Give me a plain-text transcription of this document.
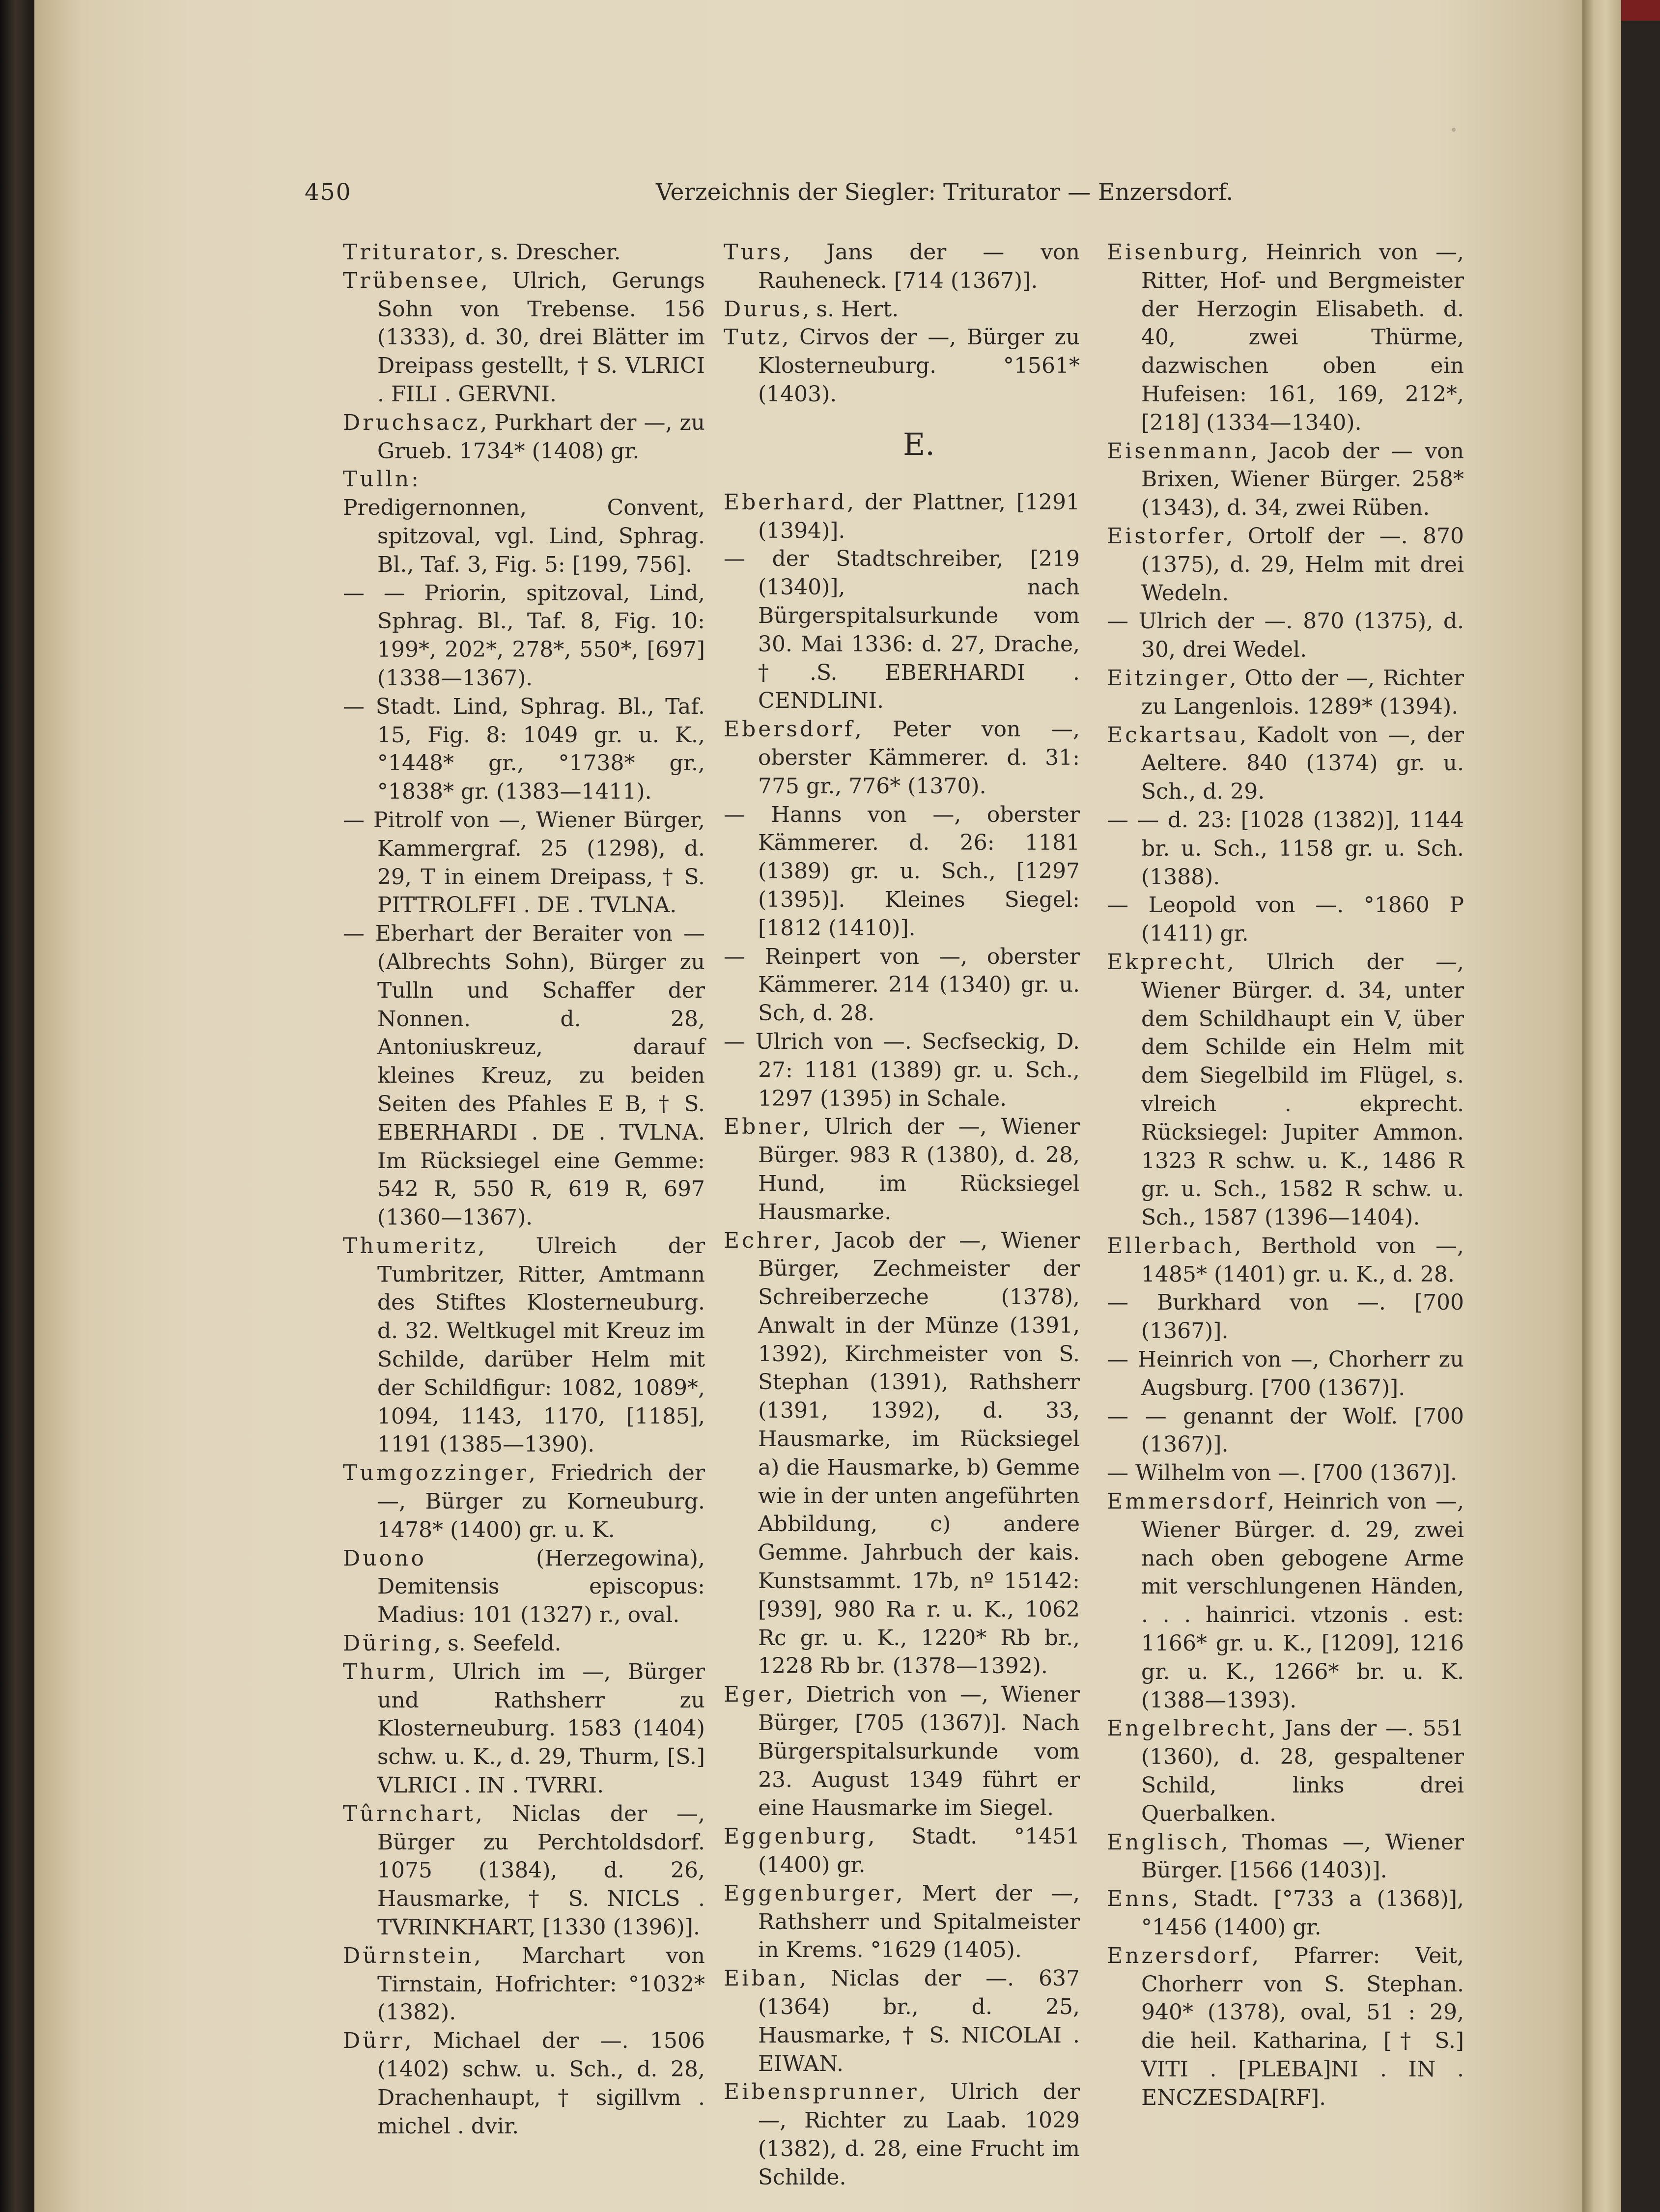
450	Verzeichnis der Siegler: Triturator — Enzersdorf.

Triturator, s. Drescher.

Trübensee, Ulrich, Gerungs Sohn von Trebense. 156 (1333), d. 30, drei Blätter im Dreipass gestellt, † S. VLRICI . FILI . GERVNI.

Druchsacz, Purkhart der —, zu Grueb. 1734* (1408) gr.

Tulln:

Predigernonnen, Convent, spitzoval, vgl. Lind, Sphrag. Bl., Taf. 3, Fig. 5: [199, 756].

— — Priorin, spitzoval, Lind, Sphrag. Bl., Taf. 8, Fig. 10: 199*, 202*, 278*, 550*, [697] (1338—1367).

— Stadt. Lind, Sphrag. Bl., Taf. 15, Fig. 8: 1049 gr. u. K., °1448* gr., °1738* gr., °1838* gr. (1383—1411).

— Pitrolf von —, Wiener Bürger, Kammergraf. 25 (1298), d. 29, T in einem Dreipass, † S. PITTROLFFI . DE . TVLNA.

— Eberhart der Beraiter von — (Albrechts Sohn), Bürger zu Tulln und Schaffer der Nonnen. d. 28, Antoniuskreuz, darauf kleines Kreuz, zu beiden Seiten des Pfahles E B, † S. EBERHARDI . DE . TVLNA. Im Rücksiegel eine Gemme: 542 R, 550 R, 619 R, 697 (1360—1367).

Thumeritz, Ulreich der Tumbritzer, Ritter, Amtmann des Stiftes Klosterneuburg. d. 32. Weltkugel mit Kreuz im Schilde, darüber Helm mit der Schildfigur: 1082, 1089*, 1094, 1143, 1170, [1185], 1191 (1385—1390).

Tumgozzinger, Friedrich der —, Bürger zu Korneuburg. 1478* (1400) gr. u. K.

Duono (Herzegowina), Demitensis episcopus: Madius: 101 (1327) r., oval.

Düring, s. Seefeld.

Thurm, Ulrich im —, Bürger und Rathsherr zu Klosterneuburg. 1583 (1404) schw. u. K., d. 29, Thurm, [S.] VLRICI . IN . TVRRI.

Tûrnchart, Niclas der —, Bürger zu Perchtoldsdorf. 1075 (1384), d. 26, Hausmarke, † S. NICLS . TVRINKHART, [1330 (1396)].

Dürnstein, Marchart von Tirnstain, Hofrichter: °1032* (1382).

Dürr, Michael der —. 1506 (1402) schw. u. Sch., d. 28, Drachenhaupt, † sigillvm . michel . dvir.

Turs, Jans der — von Rauheneck. [714 (1367)].

Durus, s. Hert.

Tutz, Cirvos der —, Bürger zu Klosterneuburg. °1561* (1403).

E.

Eberhard, der Plattner, [1291 (1394)].

— der Stadtschreiber, [219 (1340)], nach Bürgerspitalsurkunde vom 30. Mai 1336: d. 27, Drache, †.S. EBERHARDI . CENDLINI.

Ebersdorf, Peter von —, oberster Kämmerer. d. 31: 775 gr., 776* (1370).

— Hanns von —, oberster Kämmerer. d. 26: 1181 (1389) gr. u. Sch., [1297 (1395)]. Kleines Siegel: [1812 (1410)].

— Reinpert von —, oberster Kämmerer. 214 (1340) gr. u. Sch, d. 28.

— Ulrich von —. Secfseckig, D. 27: 1181 (1389) gr. u. Sch., 1297 (1395) in Schale.

Ebner, Ulrich der —, Wiener Bürger. 983 R (1380), d. 28, Hund, im Rücksiegel Hausmarke.

Echrer, Jacob der —, Wiener Bürger, Zechmeister der Schreiberzeche (1378), Anwalt in der Münze (1391, 1392), Kirchmeister von S. Stephan (1391), Rathsherr (1391, 1392), d. 33, Hausmarke, im Rücksiegel a) die Hausmarke, b) Gemme wie in der unten angeführten Abbildung, c) andere Gemme. Jahrbuch der kais. Kunstsammt. 17b, nº 15142: [939], 980 Ra r. u. K., 1062 Rc gr. u. K., 1220* Rb br., 1228 Rb br. (1378—1392).

Eger, Dietrich von —, Wiener Bürger, [705 (1367)]. Nach Bürgerspitalsurkunde vom 23. August 1349 führt er eine Hausmarke im Siegel.

Eggenburg, Stadt. °1451 (1400) gr.

Eggenburger, Mert der —, Rathsherr und Spitalmeister in Krems. °1629 (1405).

Eiban, Niclas der —. 637 (1364) br., d. 25, Hausmarke, † S. NICOLAI . EIWAN.

Eibensprunner, Ulrich der —, Richter zu Laab. 1029 (1382), d. 28, eine Frucht im Schilde.

Eisenburg, Heinrich von —, Ritter, Hof- und Bergmeister der Herzogin Elisabeth. d. 40, zwei Thürme, dazwischen oben ein Hufeisen: 161, 169, 212*, [218] (1334—1340).

Eisenmann, Jacob der — von Brixen, Wiener Bürger. 258* (1343), d. 34, zwei Rüben.

Eistorfer, Ortolf der —. 870 (1375), d. 29, Helm mit drei Wedeln.

— Ulrich der —. 870 (1375), d. 30, drei Wedel.

Eitzinger, Otto der —, Richter zu Langenlois. 1289* (1394).

Eckartsau, Kadolt von —, der Aeltere. 840 (1374) gr. u. Sch., d. 29.

— — d. 23: [1028 (1382)], 1144 br. u. Sch., 1158 gr. u. Sch. (1388).

— Leopold von —. °1860 P (1411) gr.

Ekprecht, Ulrich der —, Wiener Bürger. d. 34, unter dem Schildhaupt ein V, über dem Schilde ein Helm mit dem Siegelbild im Flügel, s. vlreich . ekprecht. Rücksiegel: Jupiter Ammon. 1323 R schw. u. K., 1486 R gr. u. Sch., 1582 R schw. u. Sch., 1587 (1396—1404).

Ellerbach, Berthold von —, 1485* (1401) gr. u. K., d. 28.

— Burkhard von —. [700 (1367)].

— Heinrich von —, Chorherr zu Augsburg. [700 (1367)].

— — genannt der Wolf. [700 (1367)].

— Wilhelm von —. [700 (1367)].

Emmersdorf, Heinrich von —, Wiener Bürger. d. 29, zwei nach oben gebogene Arme mit verschlungenen Händen, . . . hainrici. vtzonis . est: 1166* gr. u. K., [1209], 1216 gr. u. K., 1266* br. u. K. (1388—1393).

Engelbrecht, Jans der —. 551 (1360), d. 28, gespaltener Schild, links drei Querbalken.

Englisch, Thomas —, Wiener Bürger. [1566 (1403)].

Enns, Stadt. [°733 a (1368)], °1456 (1400) gr.

Enzersdorf, Pfarrer: Veit, Chorherr von S. Stephan. 940* (1378), oval, 51 : 29, die heil. Katharina, [† S.] VITI . [PLEBA]NI . IN . ENCZESDA[RF].
